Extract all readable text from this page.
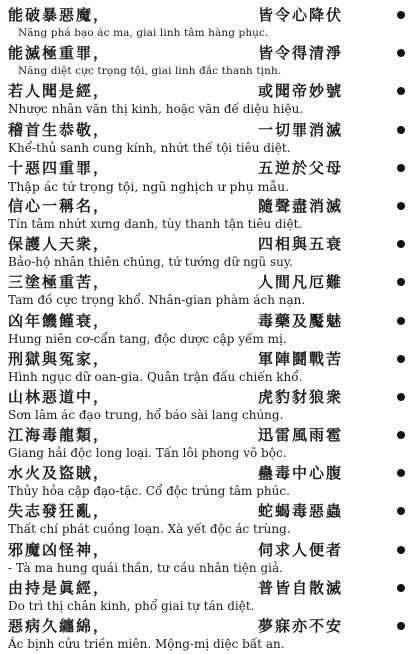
能破暴惡魔，	皆令心降伏
Năng phá bạo ác ma, giai linh tâm hàng phục.
能滅極重罪，	皆令得清淨
Năng diệt cực trọng tội, giai linh đắc thanh tịnh.
若人聞是經，	或聞帝妙號
Nhược nhân văn thị kinh, hoặc văn đế diệu hiệu.
稽首生恭敬，	一切罪消滅
Khể-thủ sanh cung kính, nhứt thế tội tiêu diệt.
十惡四重罪，	五逆於父母
Thập ác tứ trọng tội, ngũ nghịch ư phụ mẫu.
信心一稱名，	隨聲盡消滅
Tín tâm nhứt xưng danh, tùy thanh tận tiêu diệt.
保護人天衆，	四相與五衰
Bảo-hộ nhân thiên chúng, tứ tướng dữ ngũ suy.
三塗極重苦，	人間凡厄難
Tam đồ cực trọng khổ. Nhân-gian phàm ách nạn.
凶年饑饉衰，	毒藥及魘魅
Hung niên cơ-cẩn tang, độc dược cập yếm mị.
刑獄與冤家，	軍陣鬪戰苦
Hình ngục dữ oan-gia. Quân trận đấu chiến khổ.
山林惡道中，	虎豹豺狼衆
Sơn lâm ác đạo trung, hổ báo sài lang chúng.
江海毒龍類，	迅雷風雨雹
Giang hải độc long loại. Tấn lôi phong võ bộc.
水火及盜賊，	蠱毒中心腹
Thủy hỏa cập đạo-tặc. Cổ độc trúng tâm phúc.
失志發狂亂，	蛇蝎毒惡蟲
Thất chí phát cuồng loạn. Xà yết độc ác trùng.
邪魔凶怪神，	伺求人便者
- Tà ma hung quái thần, tư cầu nhân tiện giả.
由持是眞經，	普皆自散滅
Do trì thị chân kinh, phổ giai tự tán diệt.
惡病久纏綿，	夢寐亦不安
Ác bịnh cửu triền miên. Mộng-mị diệc bất an.
